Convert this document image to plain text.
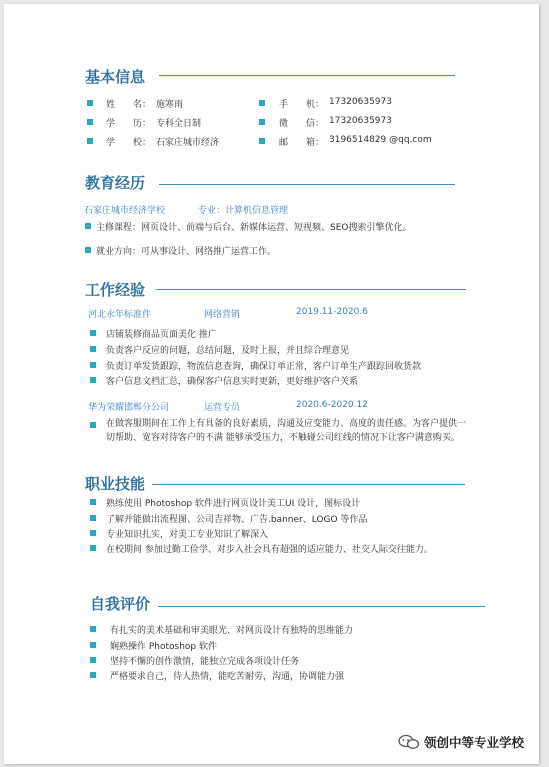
基本信息
姓　　名： 施寒雨	手　　机： 17320635973
学　　历： 专科全日制	微　　信： 17320635973
学　　校： 石家庄城市经济	邮　　箱： 3196514829 @qq.com
教育经历
石家庄城市经济学校	专业：计算机信息管理
主修课程：网页设计、前端与后台、新媒体运营、短视频、SEO搜索引擎优化。
就业方向：可从事设计、网络推广运营工作。
工作经验
河北永年标准件	网络营销	2019.11-2020.6
店铺装修商品页面美化 推广
负责客户反应的问题，总结问题，及时上报，并且综合理意见
负责订单发货跟踪，物流信息查询，确保订单正常，客户订单生产跟踪回收货款
客户信息文档汇总，确保客户信息实时更新，更好维护客户关系
华为荣耀邯郸分公司	运营专员	2020.6-2020.12
在做客服期间在工作上有具备的良好素质，沟通及应变能力、高度的责任感。为客户提供一切帮助、宽容对待客户的不满 能够承受压力，不触碰公司红线的情况下让客户满意购买。
职业技能
熟练使用 Photoshop 软件进行网页设计美工UI 设计，图标设计
了解并能做出流程图、公司吉祥物、广告.banner、LOGO 等作品
专业知识扎实，对美工专业知识了解深入
在校期间 参加过勤工俭学、对步入社会具有超强的适应能力、社交人际交往能力。
自我评价
有扎实的美术基础和审美眼光、对网页设计有独特的思维能力
娴熟操作 Photoshop 软件
坚持不懈的创作激情，能独立完成各项设计任务
严格要求自己，待人热情，能吃苦耐劳，沟通，协调能力强
领创中等专业学校
